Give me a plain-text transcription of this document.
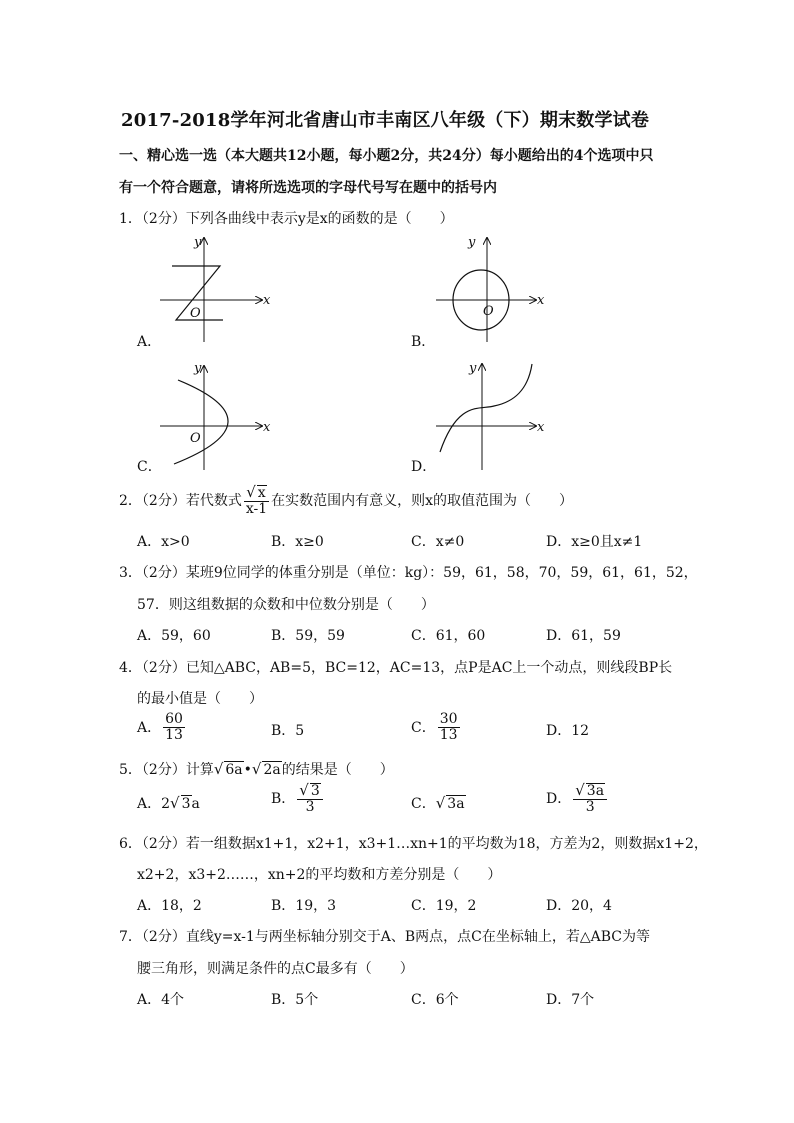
2017-2018学年河北省唐山市丰南区八年级（下）期末数学试卷
一、精心选一选（本大题共12小题，每小题2分，共24分）每小题给出的4个选项中只
有一个符合题意，请将所选选项的字母代号写在题中的括号内
1．（2分）下列各曲线中表示y是x的函数的是（　　）
x
y
O
A．
x
y
O
B．
x
y
O
C．
x
y
D．
2．（2分）若代数式 $\frac{√ x}{x-1}$ 在实数范围内有意义，则x的取值范围为（　　）
A．x>0	B．x≥0	C．x≠0	D．x≥0且x≠1
3．（2分）某班9位同学的体重分别是（单位：kg）：59，61，58，70，59，61，61，52，
57．则这组数据的众数和中位数分别是（　　）
A．59，60	B．59，59	C．61，60	D．61，59
4．（2分）已知△ABC，AB=5，BC=12，AC=13，点P是AC上一个动点，则线段BP长
的最小值是（　　）
A． $\frac{60}{13}$	B．5	C． $\frac{30}{13}$	D．12
5．（2分）计算√ 6a•√ 2a的结果是（　　）
A．2√ 3a	B． $\frac{√ 3}{3}$	C．√ 3a	D． $\frac{√ 3a}{3}$
6．（2分）若一组数据x1+1，x2+1，x3+1…xn+1的平均数为18，方差为2，则数据x1+2，
x2+2，x3+2……，xn+2的平均数和方差分别是（　　）
A．18，2	B．19，3	C．19，2	D．20，4
7．（2分）直线y=x-1与两坐标轴分别交于A、B两点，点C在坐标轴上，若△ABC为等
腰三角形，则满足条件的点C最多有（　　）
A．4个	B．5个	C．6个	D．7个
